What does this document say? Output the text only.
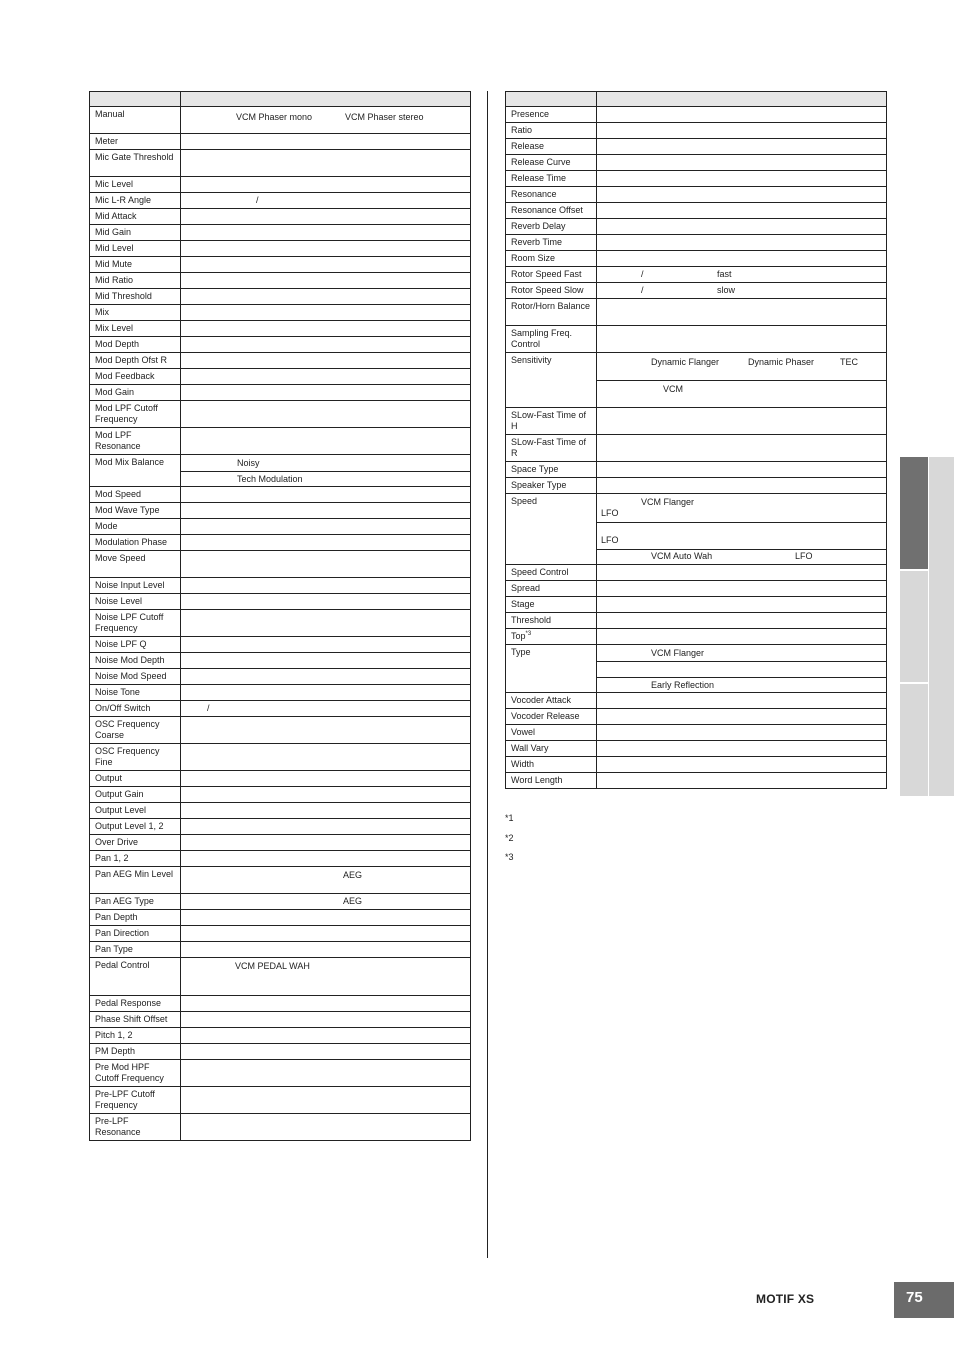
Manual	VCM Phaser mono VCM Phaser stereo

Meter	
Mic Gate Threshold	
Mic Level	
Mic L-R Angle	/

Mid Attack	
Mid Gain	
Mid Level	
Mid Mute	
Mid Ratio	
Mid Threshold	
Mix	
Mix Level	
Mod Depth	
Mod Depth Ofst R	
Mod Feedback	
Mod Gain	
Mod LPF Cutoff Frequency	
Mod LPF Resonance	
Mod Mix Balance	Noisy
Tech Modulation

Mod Speed	
Mod Wave Type	
Mode	
Modulation Phase	
Move Speed	
Noise Input Level	
Noise Level	
Noise LPF Cutoff Frequency	
Noise LPF Q	
Noise Mod Depth	
Noise Mod Speed	
Noise Tone	
On/Off Switch	/

OSC Frequency Coarse	
OSC Frequency Fine	
Output	
Output Gain	
Output Level	
Output Level 1, 2	
Over Drive	
Pan 1, 2	
Pan AEG Min Level	AEG

Pan AEG Type	AEG

Pan Depth	
Pan Direction	
Pan Type	
Pedal Control	VCM PEDAL WAH

Pedal Response	
Phase Shift Offset	
Pitch 1, 2	
PM Depth	
Pre Mod HPF Cutoff Frequency	
Pre-LPF Cutoff Frequency	
Pre-LPF Resonance	

Presence	
Ratio	
Release	
Release Curve	
Release Time	
Resonance	
Resonance Offset	
Reverb Delay	
Reverb Time	
Room Size	
Rotor Speed Fast	/ fast

Rotor Speed Slow	/ slow

Rotor/Horn Balance	
Sampling Freq. Control	
Sensitivity	Dynamic Flanger Dynamic Phaser TEC
VCM

SLow-Fast Time of H	
SLow-Fast Time of R	
Space Type	
Speaker Type	
Speed	VCM Flanger
LFO
LFO
VCM Auto Wah LFO

Speed Control	
Spread	
Stage	
Threshold	
Top$^{*3}$	
Type	VCM Flanger
Early Reflection

Vocoder Attack	
Vocoder Release	
Vowel	
Wall Vary	
Width	
Word Length	
*1
*2
*3
MOTIF XS	75
